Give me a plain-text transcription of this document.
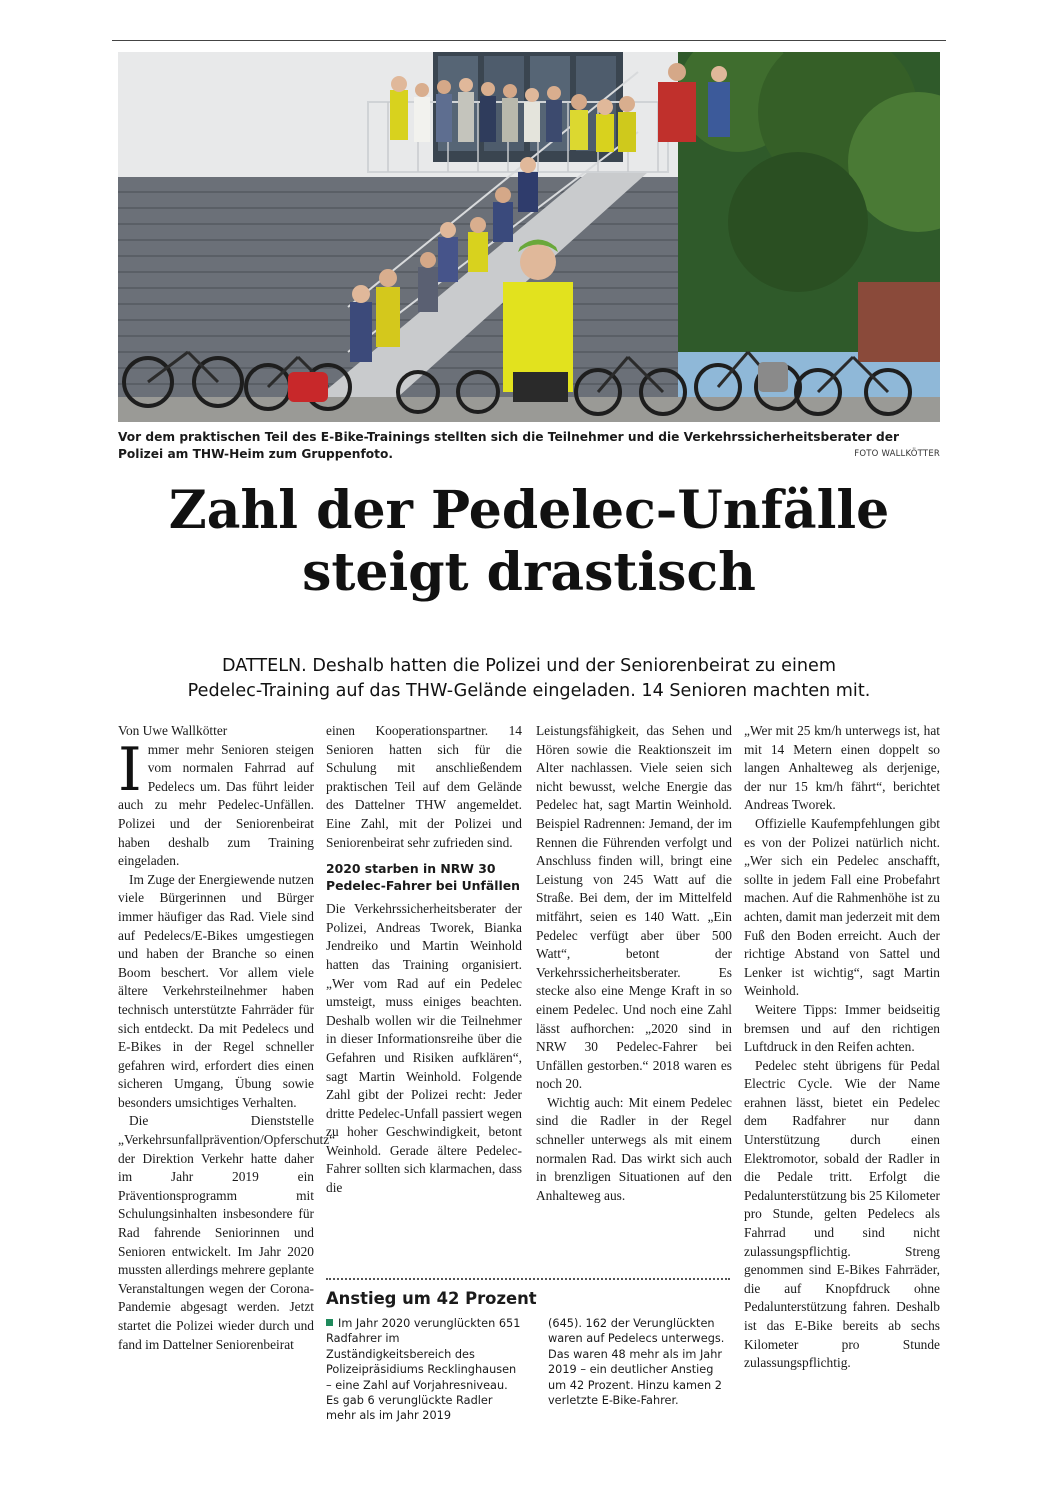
Vor dem praktischen Teil des E-Bike-Trainings stellten sich die Teilnehmer und die Verkehrssicherheitsberater der Polizei am THW-Heim zum Gruppenfoto.	FOTO WALLKÖTTER
Zahl der Pedelec-Unfälle
steigt drastisch
DATTELN. Deshalb hatten die Polizei und der Seniorenbeirat zu einem
Pedelec-Training auf das THW-Gelände eingeladen. 14 Senioren machten mit.

Von Uwe Wallkötter

Immer mehr Senioren steigen vom normalen Fahrrad auf Pedelecs um. Das führt leider auch zu mehr Pedelec-Unfällen. Polizei und der Seniorenbeirat haben deshalb zum Training eingeladen.

Im Zuge der Energiewende nutzen viele Bürgerinnen und Bürger immer häufiger das Rad. Viele sind auf Pedelecs/E-Bikes umgestiegen und haben der Branche so einen Boom beschert. Vor allem viele ältere Verkehrsteilnehmer haben technisch unterstützte Fahrräder für sich entdeckt. Da mit Pedelecs und E-Bikes in der Regel schneller gefahren wird, erfordert dies einen sicheren Umgang, Übung sowie besonders umsichtiges Verhalten.

Die Dienststelle „Verkehrsunfallprävention/Opferschutz“ der Direktion Verkehr hatte daher im Jahr 2019 ein Präventionsprogramm mit Schulungsinhalten insbesondere für Rad fahrende Seniorinnen und Senioren entwickelt. Im Jahr 2020 mussten allerdings mehrere geplante Veranstaltungen wegen der Corona-Pandemie abgesagt werden. Jetzt startet die Polizei wieder durch und fand im Dattelner Seniorenbeirat

einen Kooperationspartner. 14 Senioren hatten sich für die Schulung mit anschließendem praktischen Teil auf dem Gelände des Dattelner THW angemeldet. Eine Zahl, mit der Polizei und Seniorenbeirat sehr zufrieden sind.

2020 starben in NRW 30 Pedelec-Fahrer bei Unfällen

Die Verkehrssicherheitsberater der Polizei, Andreas Tworek, Bianka Jendreiko und Martin Weinhold hatten das Training organisiert. „Wer vom Rad auf ein Pedelec umsteigt, muss einiges beachten. Deshalb wollen wir die Teilnehmer in dieser Informationsreihe über die Gefahren und Risiken aufklären“, sagt Martin Weinhold. Folgende Zahl gibt der Polizei recht: Jeder dritte Pedelec-Unfall passiert wegen zu hoher Geschwindigkeit, betont Weinhold. Gerade ältere Pedelec-Fahrer sollten sich klarmachen, dass die

Leistungsfähigkeit, das Sehen und Hören sowie die Reaktionszeit im Alter nachlassen. Viele seien sich nicht bewusst, welche Energie das Pedelec hat, sagt Martin Weinhold. Beispiel Radrennen: Jemand, der im Rennen die Führenden verfolgt und Anschluss finden will, bringt eine Leistung von 245 Watt auf die Straße. Bei dem, der im Mittelfeld mitfährt, seien es 140 Watt. „Ein Pedelec verfügt aber über 500 Watt“, betont der Verkehrssicherheitsberater. Es stecke also eine Menge Kraft in so einem Pedelec. Und noch eine Zahl lässt aufhorchen: „2020 sind in NRW 30 Pedelec-Fahrer bei Unfällen gestorben.“ 2018 waren es noch 20.

Wichtig auch: Mit einem Pedelec sind die Radler in der Regel schneller unterwegs als mit einem normalen Rad. Das wirkt sich auch in brenzligen Situationen auf den Anhalteweg aus.

„Wer mit 25 km/h unterwegs ist, hat mit 14 Metern einen doppelt so langen Anhalteweg als derjenige, der nur 15 km/h fährt“, berichtet Andreas Tworek.

Offizielle Kaufempfehlungen gibt es von der Polizei natürlich nicht. „Wer sich ein Pedelec anschafft, sollte in jedem Fall eine Probefahrt machen. Auf die Rahmenhöhe ist zu achten, damit man jederzeit mit dem Fuß den Boden erreicht. Auch der richtige Abstand von Sattel und Lenker ist wichtig“, sagt Martin Weinhold.

Weitere Tipps: Immer beidseitig bremsen und auf den richtigen Luftdruck in den Reifen achten.

Pedelec steht übrigens für Pedal Electric Cycle. Wie der Name erahnen lässt, bietet ein Pedelec dem Radfahrer nur dann Unterstützung durch einen Elektromotor, sobald der Radler in die Pedale tritt. Erfolgt die Pedalunterstützung bis 25 Kilometer pro Stunde, gelten Pedelecs als Fahrrad und sind nicht zulassungspflichtig. Streng genommen sind E-Bikes Fahrräder, die auf Knopfdruck ohne Pedalunterstützung fahren. Deshalb ist das E-Bike bereits ab sechs Kilometer pro Stunde zulassungspflichtig.

Anstieg um 42 Prozent
Im Jahr 2020 verunglückten 651 Radfahrer im Zuständigkeitsbereich des Polizeipräsidiums Recklinghausen – eine Zahl auf Vorjahresniveau. Es gab 6 verunglückte Radler mehr als im Jahr 2019
(645). 162 der Verunglückten waren auf Pedelecs unterwegs. Das waren 48 mehr als im Jahr 2019 – ein deutlicher Anstieg um 42 Prozent. Hinzu kamen 2 verletzte E-Bike-Fahrer.
